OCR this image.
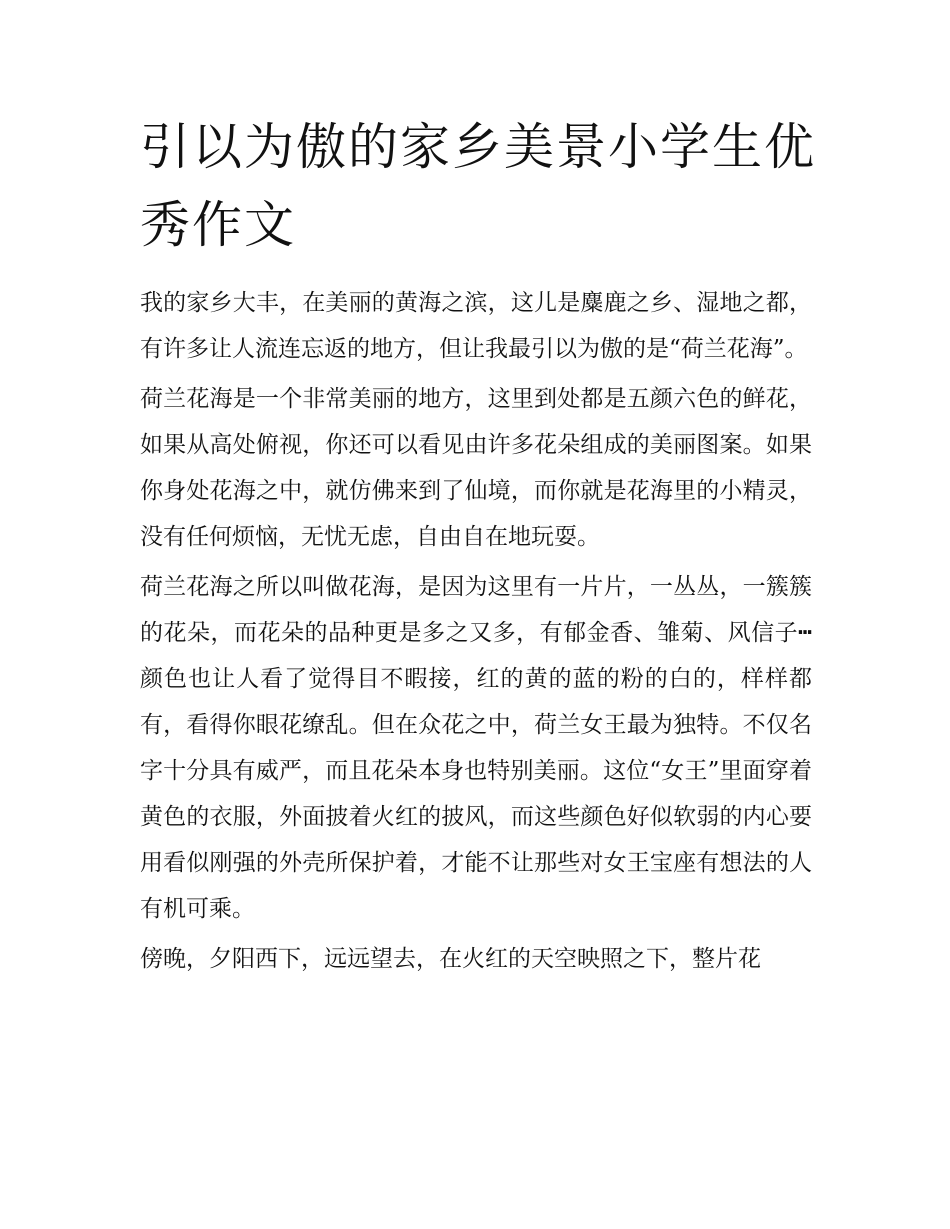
引以为傲的家乡美景小学生优秀作文

我的家乡大丰，在美丽的黄海之滨，这儿是麋鹿之乡、湿地之都，有许多让人流连忘返的地方，但让我最引以为傲的是“荷兰花海”。

荷兰花海是一个非常美丽的地方，这里到处都是五颜六色的鲜花，如果从高处俯视，你还可以看见由许多花朵组成的美丽图案。如果你身处花海之中，就仿佛来到了仙境，而你就是花海里的小精灵，没有任何烦恼，无忧无虑，自由自在地玩耍。

荷兰花海之所以叫做花海，是因为这里有一片片，一丛丛，一簇簇的花朵，而花朵的品种更是多之又多，有郁金香、雏菊、风信子┅颜色也让人看了觉得目不暇接，红的黄的蓝的粉的白的，样样都有，看得你眼花缭乱。但在众花之中，荷兰女王最为独特。不仅名字十分具有威严，而且花朵本身也特别美丽。这位“女王”里面穿着黄色的衣服，外面披着火红的披风，而这些颜色好似软弱的内心要用看似刚强的外壳所保护着，才能不让那些对女王宝座有想法的人有机可乘。

傍晚，夕阳西下，远远望去，在火红的天空映照之下，整片花
